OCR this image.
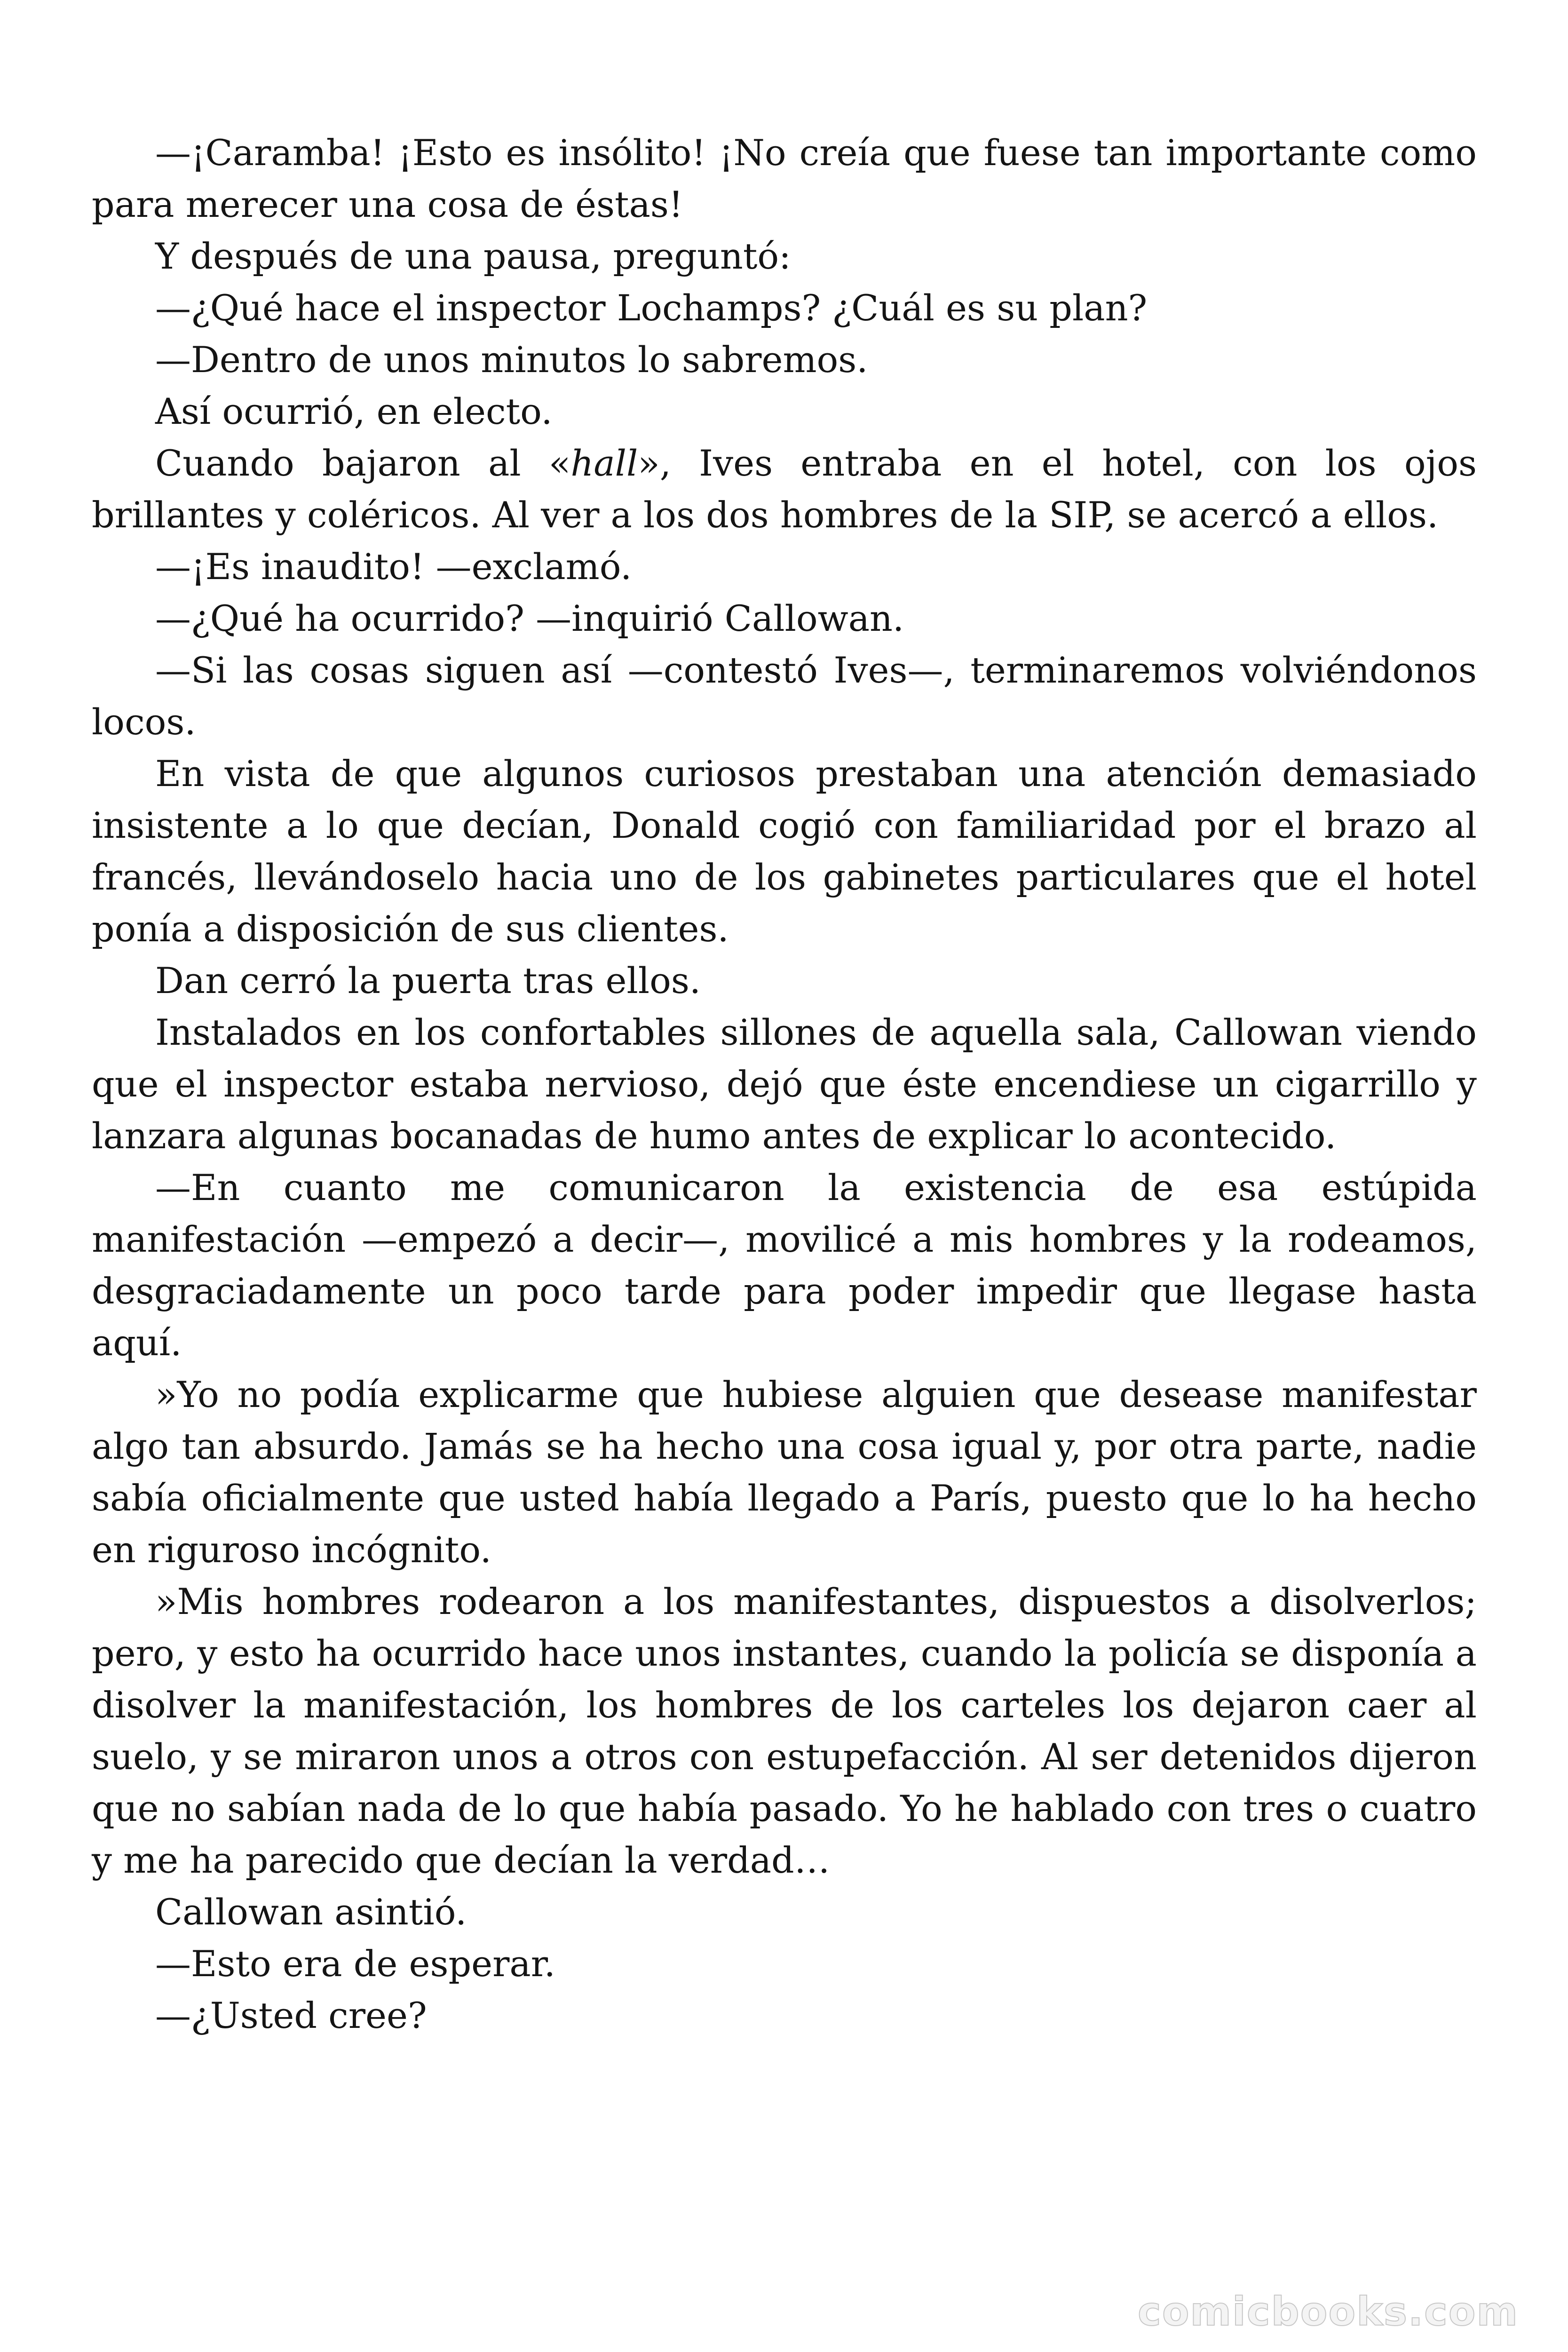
—¡Caramba! ¡Esto es insólito! ¡No creía que fuese tan importante como para merecer una cosa de éstas!

Y después de una pausa, preguntó:

—¿Qué hace el inspector Lochamps? ¿Cuál es su plan?

—Dentro de unos minutos lo sabremos.

Así ocurrió, en electo.

Cuando bajaron al «hall», Ives entraba en el hotel, con los ojos brillantes y coléricos. Al ver a los dos hombres de la SIP, se acercó a ellos.

—¡Es inaudito! —exclamó.

—¿Qué ha ocurrido? —inquirió Callowan.

—Si las cosas siguen así —contestó Ives—, terminaremos volviéndonos locos.

En vista de que algunos curiosos prestaban una atención demasiado insistente a lo que decían, Donald cogió con familiaridad por el brazo al francés, llevándoselo hacia uno de los gabinetes particulares que el hotel ponía a disposición de sus clientes.

Dan cerró la puerta tras ellos.

Instalados en los confortables sillones de aquella sala, Callowan viendo que el inspector estaba nervioso, dejó que éste encendiese un cigarrillo y lanzara algunas bocanadas de humo antes de explicar lo acontecido.

—En cuanto me comunicaron la existencia de esa estúpida manifestación —empezó a decir—, movilicé a mis hombres y la rodeamos, desgraciadamente un poco tarde para poder impedir que llegase hasta aquí.

»Yo no podía explicarme que hubiese alguien que desease manifestar algo tan absurdo. Jamás se ha hecho una cosa igual y, por otra parte, nadie sabía oficialmente que usted había llegado a París, puesto que lo ha hecho en riguroso incógnito.

»Mis hombres rodearon a los manifestantes, dispuestos a disolverlos; pero, y esto ha ocurrido hace unos instantes, cuando la policía se disponía a disolver la manifestación, los hombres de los carteles los dejaron caer al suelo, y se miraron unos a otros con estupefacción. Al ser detenidos dijeron que no sabían nada de lo que había pasado. Yo he hablado con tres o cuatro y me ha parecido que decían la verdad…

Callowan asintió.

—Esto era de esperar.

—¿Usted cree?

comicbooks.com
